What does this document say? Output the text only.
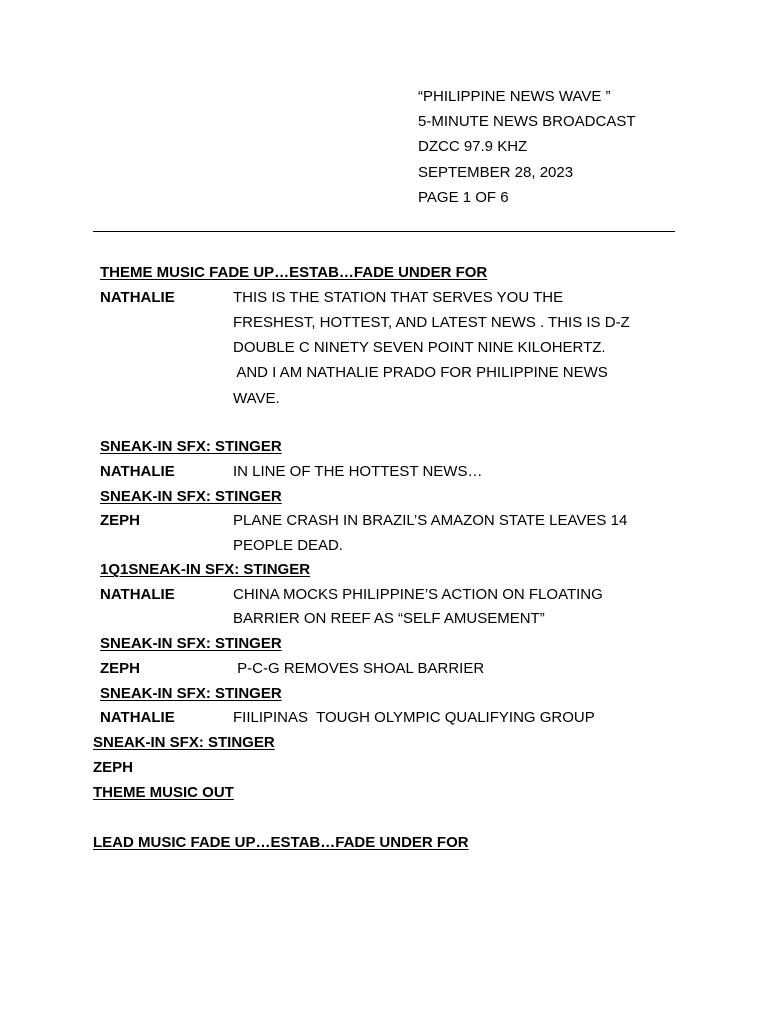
“PHILIPPINE NEWS WAVE ”
5-MINUTE NEWS BROADCAST
DZCC 97.9 KHZ
SEPTEMBER 28, 2023
PAGE 1 OF 6
THEME MUSIC FADE UP…ESTAB…FADE UNDER FOR
NATHALIE	THIS IS THE STATION THAT SERVES YOU THE
FRESHEST, HOTTEST, AND LATEST NEWS . THIS IS D-Z
DOUBLE C NINETY SEVEN POINT NINE KILOHERTZ.
AND I AM NATHALIE PRADO FOR PHILIPPINE NEWS
WAVE.
SNEAK-IN SFX: STINGER
NATHALIE	IN LINE OF THE HOTTEST NEWS…
SNEAK-IN SFX: STINGER
ZEPH	PLANE CRASH IN BRAZIL’S AMAZON STATE LEAVES 14
PEOPLE DEAD.
1Q1SNEAK-IN SFX: STINGER
NATHALIE	CHINA MOCKS PHILIPPINE’S ACTION ON FLOATING
BARRIER ON REEF AS “SELF AMUSEMENT”
SNEAK-IN SFX: STINGER
ZEPH	P-C-G REMOVES SHOAL BARRIER
SNEAK-IN SFX: STINGER
NATHALIE	FIILIPINAS  TOUGH OLYMPIC QUALIFYING GROUP
SNEAK-IN SFX: STINGER
ZEPH
THEME MUSIC OUT
LEAD MUSIC FADE UP…ESTAB…FADE UNDER FOR
